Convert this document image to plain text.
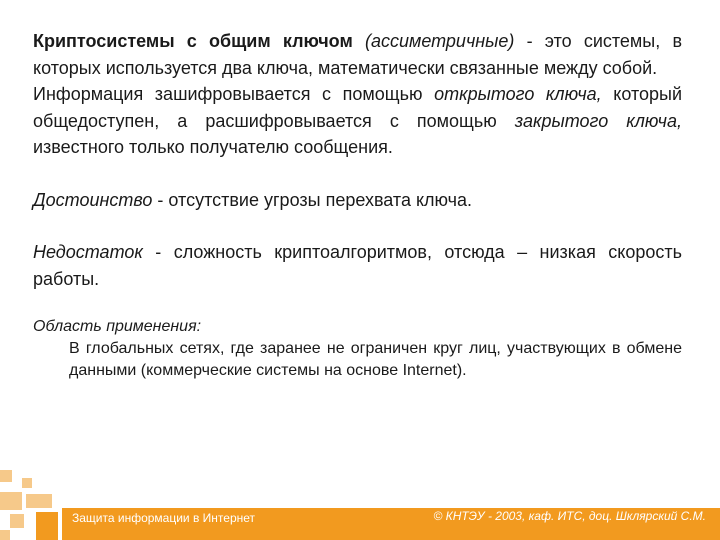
Криптосистемы с общим ключом (ассиметричные) - это системы, в которых используется два ключа, математически связанные между собой.

Информация зашифровывается с помощью открытого ключа, который общедоступен, а расшифровывается с помощью закрытого ключа, известного только получателю сообщения.

Достоинство - отсутствие угрозы перехвата ключа.

Недостаток - сложность криптоалгоритмов, отсюда – низкая скорость работы.

Область применения:
В глобальных сетях, где заранее не ограничен круг лиц, участвующих в обмене данными (коммерческие системы на основе Internet).
Защита информации в Интернет	© КНТЭУ - 2003, каф. ИТС, доц. Шклярский С.М.
